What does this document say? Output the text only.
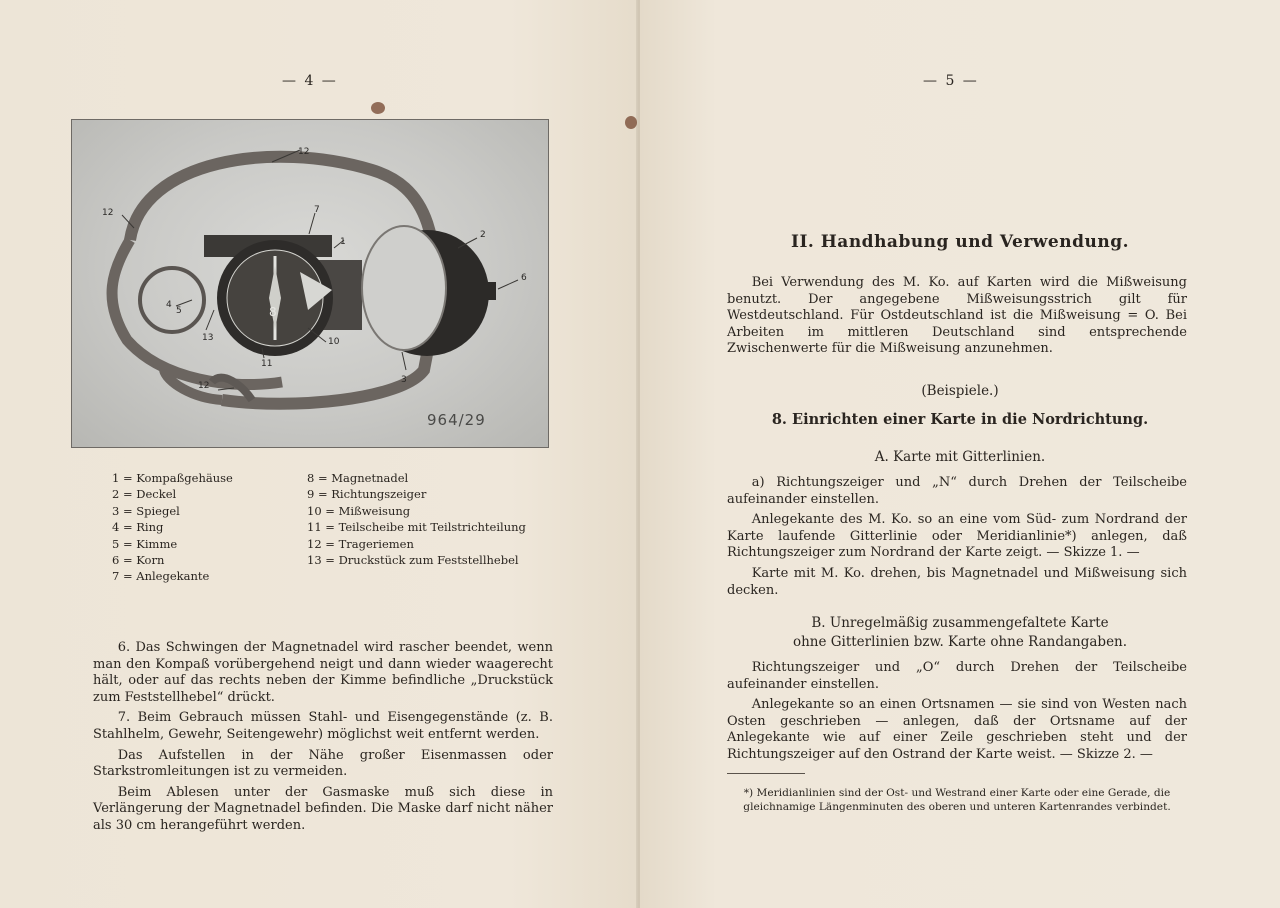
— 4 —
8
12
12	7
1
2
6
4
5
13	10
11
12
3
964/29
1 = Kompaßgehäuse
2 = Deckel
3 = Spiegel
4 = Ring
5 = Kimme
6 = Korn
7 = Anlegekante
8 = Magnetnadel
9 = Richtungszeiger
10 = Mißweisung
11 = Teilscheibe mit Teilstrichteilung
12 = Trageriemen
13 = Druckstück zum Feststellhebel

6. Das Schwingen der Magnetnadel wird rascher beendet, wenn man den Kompaß vorübergehend neigt und dann wieder waagerecht hält, oder auf das rechts neben der Kimme befindliche „Druckstück zum Feststellhebel“ drückt.

7. Beim Gebrauch müssen Stahl- und Eisengegenstände (z. B. Stahlhelm, Gewehr, Seitengewehr) möglichst weit entfernt werden.

Das Aufstellen in der Nähe großer Eisenmassen oder Starkstromleitungen ist zu vermeiden.

Beim Ablesen unter der Gasmaske muß sich diese in Verlängerung der Magnetnadel befinden. Die Maske darf nicht näher als 30 cm herangeführt werden.

— 5 —
II. Handhabung und Verwendung.

Bei Verwendung des M. Ko. auf Karten wird die Mißweisung benutzt. Der angegebene Mißweisungsstrich gilt für Westdeutschland. Für Ostdeutschland ist die Mißweisung = O. Bei Arbeiten im mittleren Deutschland sind entsprechende Zwischenwerte für die Mißweisung anzunehmen.

(Beispiele.)
8. Einrichten einer Karte in die Nordrichtung.
A. Karte mit Gitterlinien.

a) Richtungszeiger und „N“ durch Drehen der Teilscheibe aufeinander einstellen.

Anlegekante des M. Ko. so an eine vom Süd- zum Nordrand der Karte laufende Gitterlinie oder Meridianlinie*) anlegen, daß Richtungszeiger zum Nordrand der Karte zeigt. — Skizze 1. —

Karte mit M. Ko. drehen, bis Magnetnadel und Mißweisung sich decken.

B. Unregelmäßig zusammengefaltete Karte
ohne Gitterlinien bzw. Karte ohne Randangaben.

Richtungszeiger und „O“ durch Drehen der Teilscheibe aufeinander einstellen.

Anlegekante so an einen Ortsnamen — sie sind von Westen nach Osten geschrieben — anlegen, daß der Ortsname auf der Anlegekante wie auf einer Zeile geschrieben steht und der Richtungszeiger auf den Ostrand der Karte weist. — Skizze 2. —

*) Meridianlinien sind der Ost- und Westrand einer Karte oder eine Gerade, die gleichnamige Längenminuten des oberen und unteren Kartenrandes verbindet.
